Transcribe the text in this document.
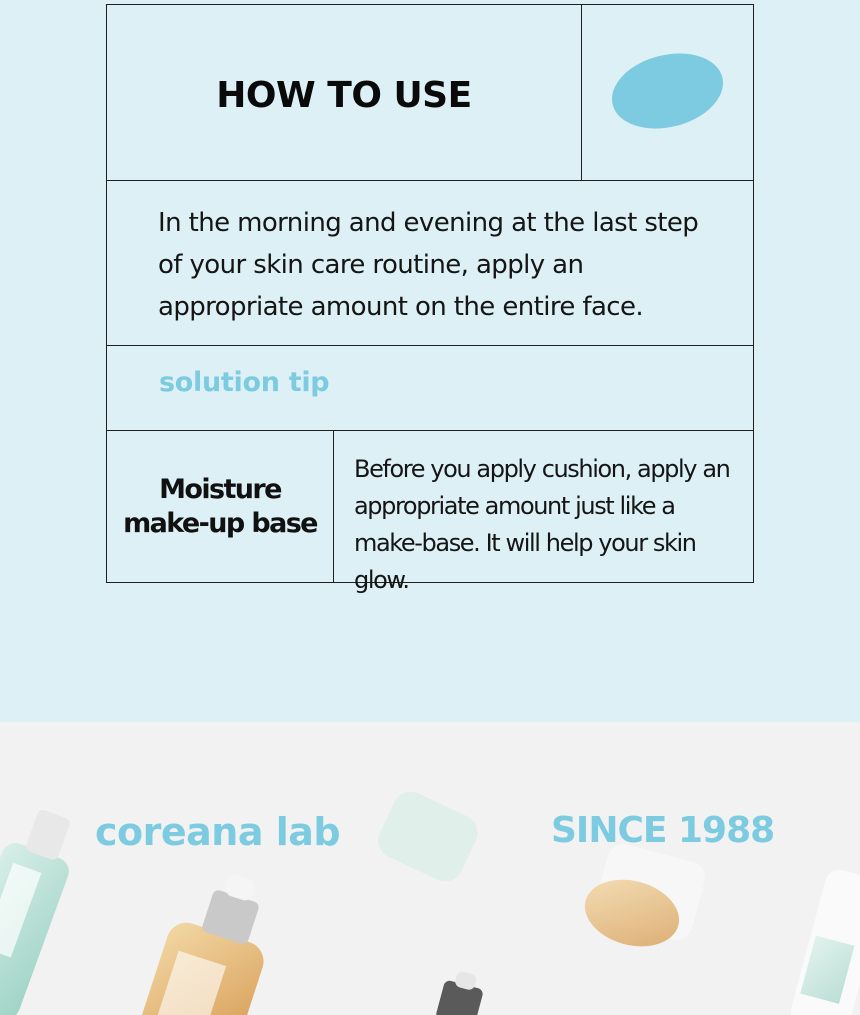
HOW TO USE
In the morning and evening at the last step of your skin care routine, apply an appropriate amount on the entire face.
solution tip
Moisture
make-up base
Before you apply cushion, apply an appropriate amount just like a make-base. It will help your skin glow.
coreana lab	SINCE 1988
